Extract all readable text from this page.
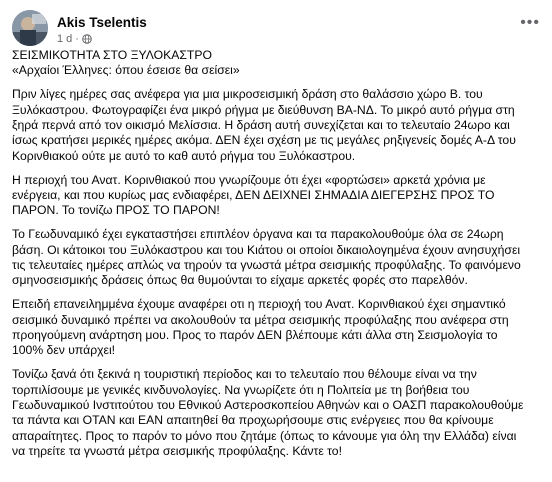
Akis Tselentis
1 d ·
•••

ΣΕΙΣΜΙΚΟΤΗΤΑ ΣΤΟ ΞΥΛΟΚΑΣΤΡΟ

«Αρχαίοι Έλληνες: όπου έσεισε θα σείσει»

Πριν λίγες ημέρες σας ανέφερα για μια μικροσεισμική δράση στο θαλάσσιο χώρο Β. του Ξυλόκαστρου. Φωτογραφίζει ένα μικρό ρήγμα με διεύθυνση ΒΑ-ΝΔ. Το μικρό αυτό ρήγμα στη ξηρά περνά από τον οικισμό Μελίσσια. Η δράση αυτή συνεχίζεται και το τελευταίο 24ωρο και ίσως κρατήσει μερικές ημέρες ακόμα. ΔΕΝ έχει σχέση με τις μεγάλες ρηξιγενείς δομές Α-Δ του Κορινθιακού ούτε με αυτό το καθ αυτό ρήγμα του Ξυλόκαστρου.

Η περιοχή του Ανατ. Κορινθιακού που γνωρίζουμε ότι έχει «φορτώσει» αρκετά χρόνια με ενέργεια, και που κυρίως μας ενδιαφέρει, ΔΕΝ ΔΕΙΧΝΕΙ ΣΗΜΑΔΙΑ ΔΙΕΓΕΡΣΗΣ ΠΡΟΣ ΤΟ ΠΑΡΟΝ. Το τονίζω ΠΡΟΣ ΤΟ ΠΑΡΟΝ!

Το Γεωδυναμικό έχει εγκαταστήσει επιπλέον όργανα και τα παρακολουθούμε όλα σε 24ωρη βάση. Οι κάτοικοι του Ξυλόκαστρου και του Κιάτου οι οποίοι δικαιολογημένα έχουν ανησυχήσει τις τελευταίες ημέρες απλώς να τηρούν τα γνωστά μέτρα σεισμικής προφύλαξης. Το φαινόμενο σμηνοσεισμικής δράσεις όπως θα θυμούνται το είχαμε αρκετές φορές στο παρελθόν.

Επειδή επανειλημμένα έχουμε αναφέρει οτι η περιοχή του Ανατ. Κορινθιακού έχει σημαντικό σεισμικό δυναμικό πρέπει να ακολουθούν τα μέτρα σεισμικής προφύλαξης που ανέφερα στη προηγούμενη ανάρτηση μου. Προς το παρόν ΔΕΝ βλέπουμε κάτι άλλα στη Σεισμολογία το 100% δεν υπάρχει!

Τονίζω ξανά ότι ξεκινά η τουριστική περίοδος και το τελευταίο που θέλουμε είναι να την τορπιλίσουμε με γενικές κινδυνολογίες. Να γνωρίζετε ότι η Πολιτεία με τη βοήθεια του Γεωδυναμικού Ινστιτούτου του Εθνικού Αστεροσκοπείου Αθηνών και ο ΟΑΣΠ παρακολουθούμε τα πάντα και ΟΤΑΝ και ΕΑΝ απαιτηθεί θα προχωρήσουμε στις ενέργειες που θα κρίνουμε απαραίτητες. Προς το παρόν το μόνο που ζητάμε (όπως το κάνουμε για όλη την Ελλάδα) είναι να τηρείτε τα γνωστά μέτρα σεισμικής προφύλαξης. Κάντε το!
